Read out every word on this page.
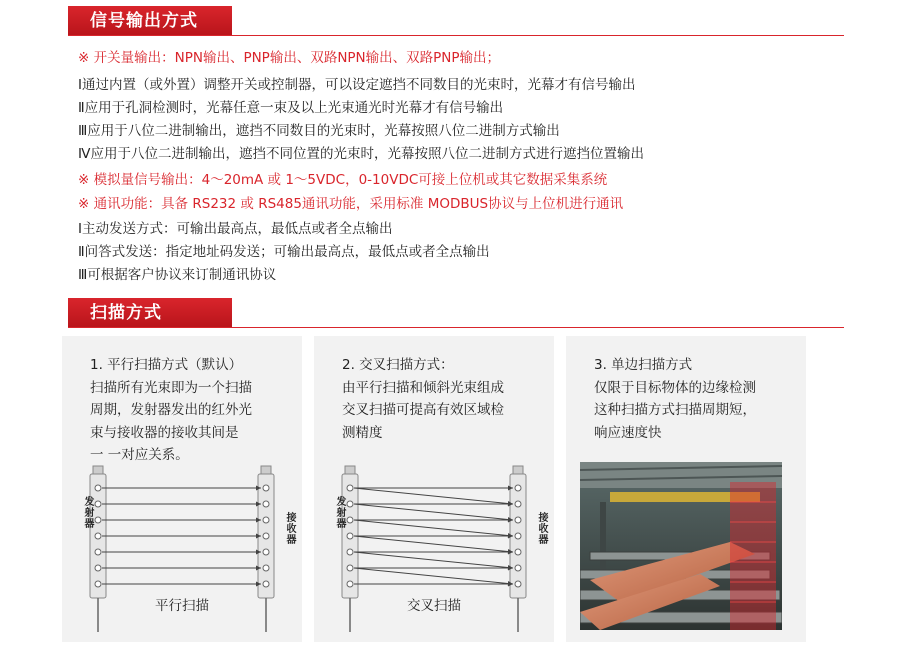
信号输出方式
※ 开关量输出：NPN输出、PNP输出、双路NPN输出、双路PNP输出；
Ⅰ通过内置（或外置）调整开关或控制器，可以设定遮挡不同数目的光束时，光幕才有信号输出
Ⅱ应用于孔洞检测时，光幕任意一束及以上光束通光时光幕才有信号输出
Ⅲ应用于八位二进制输出，遮挡不同数目的光束时，光幕按照八位二进制方式输出
Ⅳ应用于八位二进制输出，遮挡不同位置的光束时，光幕按照八位二进制方式进行遮挡位置输出
※ 模拟量信号输出：4～20mA 或 1～5VDC，0-10VDC可接上位机或其它数据采集系统
※ 通讯功能：具备 RS232 或 RS485通讯功能，采用标准 MODBUS协议与上位机进行通讯
Ⅰ主动发送方式：可输出最高点，最低点或者全点输出
Ⅱ问答式发送：指定地址码发送；可输出最高点，最低点或者全点输出
Ⅲ可根据客户协议来订制通讯协议
扫描方式
1. 平行扫描方式（默认）
扫描所有光束即为一个扫描
周期，发射器发出的红外光
束与接收器的接收其间是
一 一对应关系。
发射器	接收器
平行扫描
2. 交叉扫描方式：
由平行扫描和倾斜光束组成
交叉扫描可提高有效区域检
测精度
发射器	接收器
交叉扫描
3. 单边扫描方式
仅限于目标物体的边缘检测
这种扫描方式扫描周期短，
响应速度快
